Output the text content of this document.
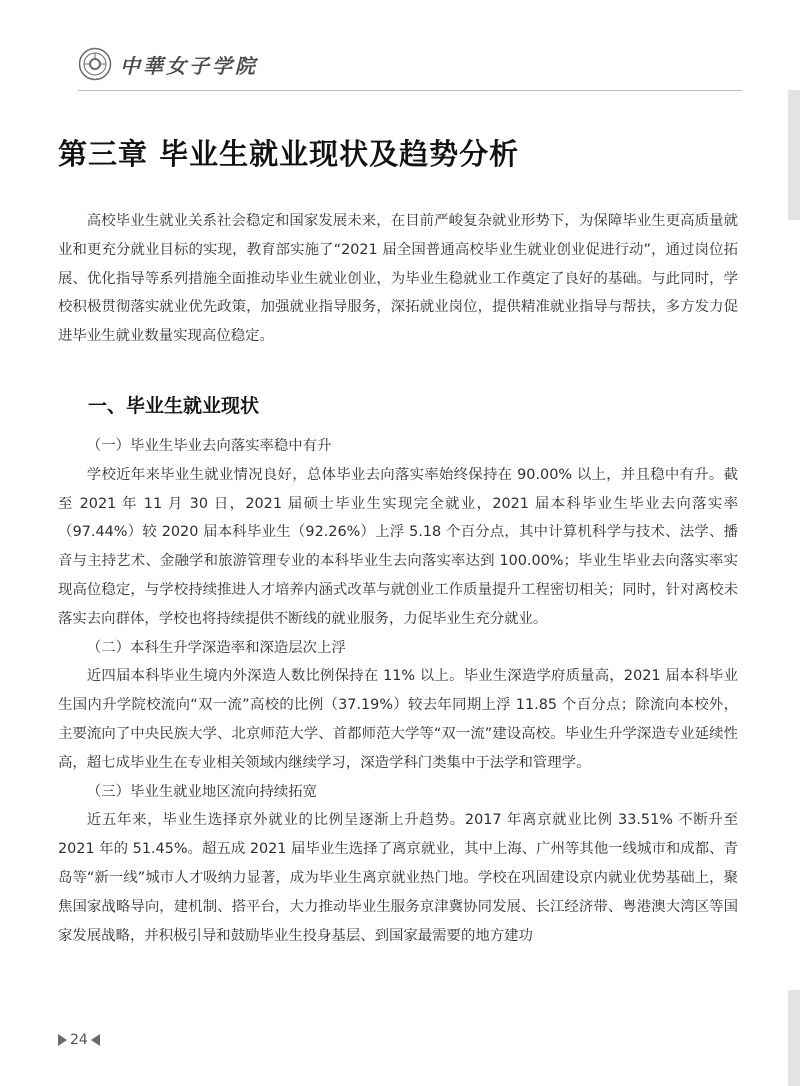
中華女子学院
第三章 毕业生就业现状及趋势分析

高校毕业生就业关系社会稳定和国家发展未来，在目前严峻复杂就业形势下，为保障毕业生更高质量就业和更充分就业目标的实现，教育部实施了“2021 届全国普通高校毕业生就业创业促进行动”，通过岗位拓展、优化指导等系列措施全面推动毕业生就业创业，为毕业生稳就业工作奠定了良好的基础。与此同时，学校积极贯彻落实就业优先政策，加强就业指导服务，深拓就业岗位，提供精准就业指导与帮扶，多方发力促进毕业生就业数量实现高位稳定。

一、毕业生就业现状

（一）毕业生毕业去向落实率稳中有升

学校近年来毕业生就业情况良好，总体毕业去向落实率始终保持在 90.00% 以上，并且稳中有升。截至 2021 年 11 月 30 日，2021 届硕士毕业生实现完全就业，2021 届本科毕业生毕业去向落实率（97.44%）较 2020 届本科毕业生（92.26%）上浮 5.18 个百分点，其中计算机科学与技术、法学、播音与主持艺术、金融学和旅游管理专业的本科毕业生去向落实率达到 100.00%；毕业生毕业去向落实率实现高位稳定，与学校持续推进人才培养内涵式改革与就创业工作质量提升工程密切相关；同时，针对离校未落实去向群体，学校也将持续提供不断线的就业服务，力促毕业生充分就业。

（二）本科生升学深造率和深造层次上浮

近四届本科毕业生境内外深造人数比例保持在 11% 以上。毕业生深造学府质量高，2021 届本科毕业生国内升学院校流向“双一流”高校的比例（37.19%）较去年同期上浮 11.85 个百分点；除流向本校外，主要流向了中央民族大学、北京师范大学、首都师范大学等“双一流”建设高校。毕业生升学深造专业延续性高，超七成毕业生在专业相关领域内继续学习，深造学科门类集中于法学和管理学。

（三）毕业生就业地区流向持续拓宽

近五年来，毕业生选择京外就业的比例呈逐渐上升趋势。2017 年离京就业比例 33.51% 不断升至 2021 年的 51.45%。超五成 2021 届毕业生选择了离京就业，其中上海、广州等其他一线城市和成都、青岛等“新一线”城市人才吸纳力显著，成为毕业生离京就业热门地。学校在巩固建设京内就业优势基础上，聚焦国家战略导向，建机制、搭平台，大力推动毕业生服务京津冀协同发展、长江经济带、粤港澳大湾区等国家发展战略，并积极引导和鼓励毕业生投身基层、到国家最需要的地方建功

24
